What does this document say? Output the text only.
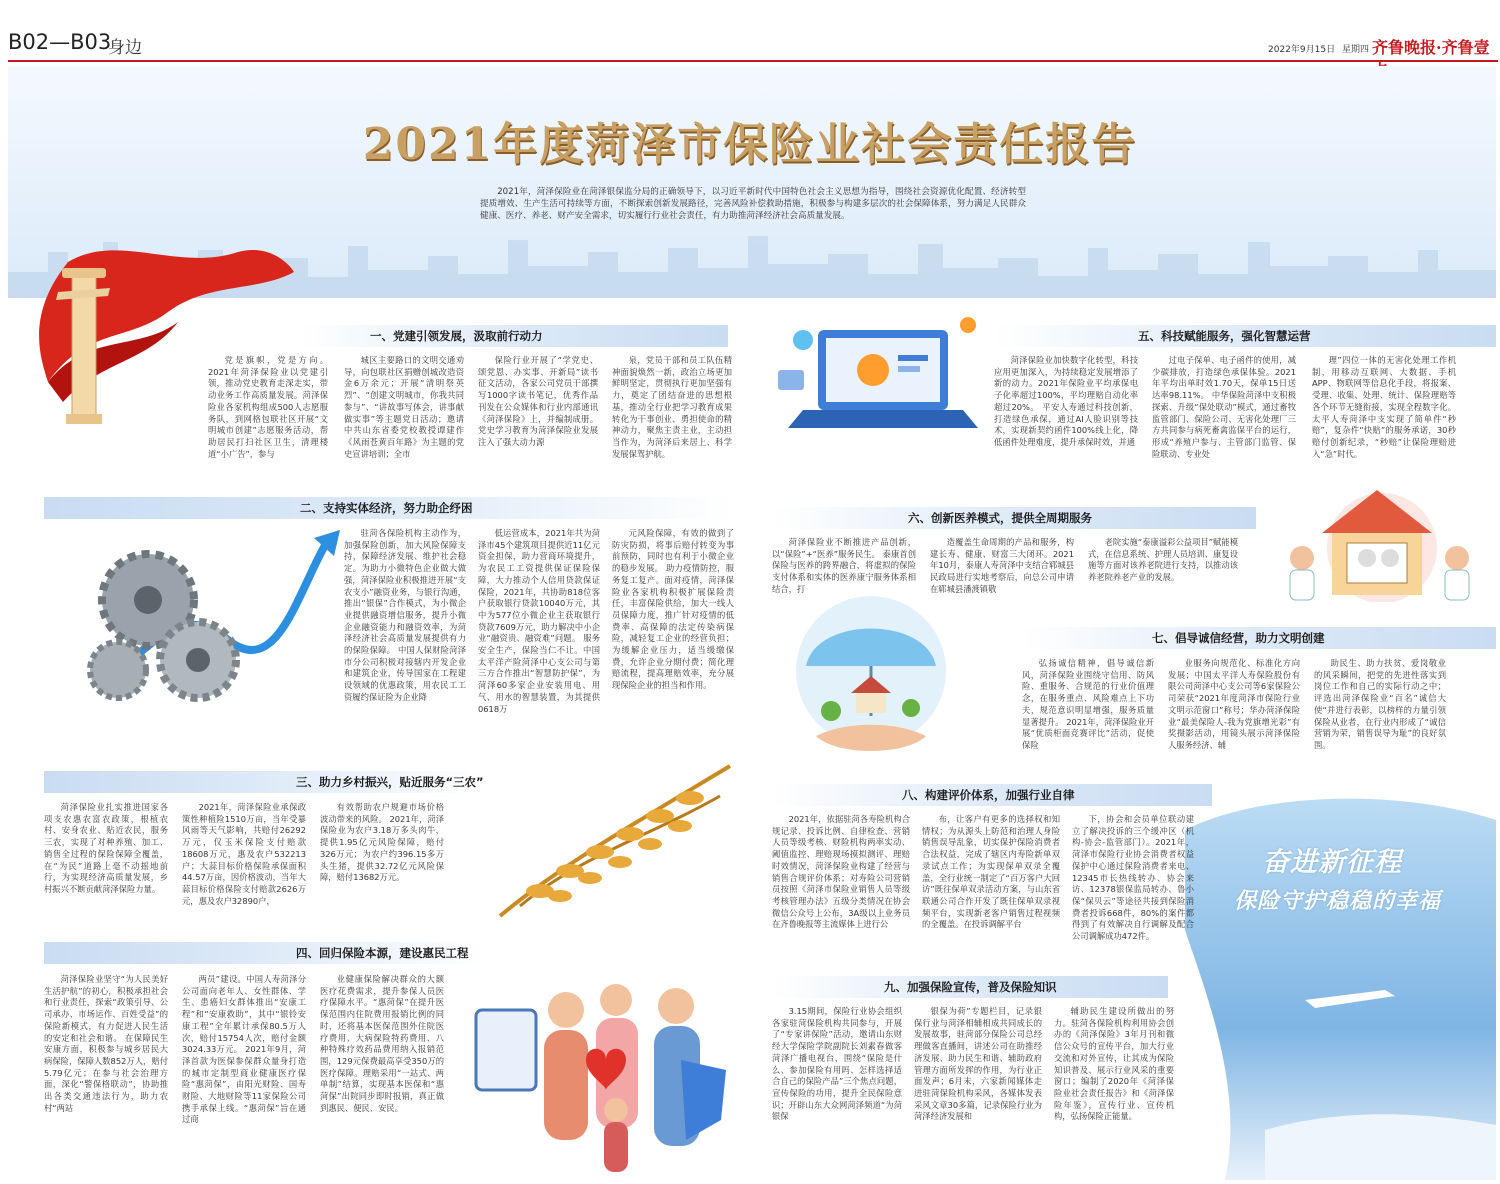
B02—B03
身边	2022年9月15日 星期四 齐鲁晚报·齐鲁壹
2021年度菏泽市保险业社会责任报告
2021年，菏泽保险业在菏泽银保监分局的正确领导下，以习近平新时代中国特色社会主义思想为指导，围绕社会资源优化配置、经济转型提质增效、生产生活可持续等方面，不断探索创新发展路径，完善风险补偿救助措施，积极参与构建多层次的社会保障体系，努力满足人民群众健康、医疗、养老、财产安全需求，切实履行行业社会责任，有力助推菏泽经济社会高质量发展。
奋进新征程
保险守护稳稳的幸福
一、党建引领发展，汲取前行动力
党是旗帜，党是方向。2021年菏泽保险业以党建引领，推动党史教育走深走实，带动业务工作高质量发展。菏泽保险业各家机构组成500人志愿服务队，到网格包联社区开展“文明城市创建”志愿服务活动，帮助居民打扫社区卫生，清理楼道“小广告”，参与
城区主要路口的文明交通劝导，向包联社区捐赠创城改造资金6万余元；开展“清明祭英烈”、“创建文明城市，你我共同参与”、“讲故事写体会，讲事献做实事”等主题党日活动；邀请中共山东省委党校教授谭建作《风雨苍黄百年路》为主题的党史宣讲培训；全市
保险行业开展了“学党史、颂党恩、办实事、开新局”读书征文活动，各家公司党员干部撰写1000字读书笔记，优秀作品刊发在公众媒体和行业内部通讯《菏泽保险》上，并编制成册。 党史学习教育为菏泽保险业发展注入了强大动力源
泉，党员干部和员工队伍精神面貌焕然一新，政治立场更加鲜明坚定，贯彻执行更加坚强有力，奠定了团结奋进的思想根基，推动全行业把学习教育成果转化为干事创业、勇担使命的精神动力，聚焦主责主业，主动担当作为，为菏泽后来居上、科学发展保驾护航。
二、支持实体经济，努力助企纾困
驻菏各保险机构主动作为，加强保险创新，加大风险保障支持，保障经济发展、维护社会稳定。为助力小微特色企业做大做强，菏泽保险业积极推进开展“支农支小”融资业务，与银行沟通，推出“银保”合作模式，为小微企业提供融资增信服务，提升小微企业融资能力和融资效率，为菏泽经济社会高质量发展提供有力的保险保障。 中国人保财险菏泽市分公司积极对接辖内开发企业和建筑企业，传导国家在工程建设领域的优惠政策，用农民工工资履约保证险为企业降
低运营成本，2021年共为菏泽市45个建筑项目提供近11亿元资金担保，助力营商环境提升，为农民工工资提供保证保险保障，大力推动个人信用贷款保证保险，2021年，共协助818位客户获取银行贷款10040万元，其中为577位小微企业主获取银行贷款7609万元，助力解决中小企业“融资贵、融资难”问题。 服务安全生产，保险当仁不让。中国太平洋产险菏泽中心支公司与第三方合作推出“智慧防护保”，为菏泽60多家企业安装用电、用气、用水的智慧装置，为其提供0618万
元风险保障，有效的做到了防灾防损，将事后赔付转变为事前预防，同时也有利于小微企业的稳步发展。 助力疫情防控，服务复工复产。面对疫情，菏泽保险业各家机构积极扩展保险责任，丰富保险供给，加大一线人员保障力度，推广针对疫情的低费率、高保障的法定传染病保险，减轻复工企业的经营负担；为缓解企业压力，适当缓缴保费，允许企业分期付费；简化理赔流程，提高理赔效率，充分展现保险企业的担当和作用。
三、助力乡村振兴，贴近服务“三农”
菏泽保险业扎实推进国家各项支农惠农富农政策，根植农村、安身农业、贴近农民，服务三农，实现了对种养殖、加工、销售全过程的保险保障全覆盖，在“为民”道路上毫不动摇地前行，为实现经济高质量发展，乡村振兴不断贡献菏泽保险力量。
2021年，菏泽保险业承保政策性种植险1510万亩，当年受暴风雨等天气影响，共赔付26292万元，仅玉米保险支付赔款18608万元，惠及农户532213户；大蒜目标价格保险承保面积44.57万亩，因价格波动，当年大蒜目标价格保险支付赔款2626万元，惠及农户32890户，
有效帮助农户规避市场价格波动带来的风险。 2021年，菏泽保险业为农户3.18万多头肉牛，提供1.95亿元风险保障，赔付326万元；为农户约396.15多万头生猪，提供32.72亿元风险保障，赔付13682万元。
四、回归保险本源，建设惠民工程
菏泽保险业坚守“为人民美好生活护航”的初心，积极承担社会和行业责任，探索“政策引导、公司承办、市场运作、百姓受益”的保险新模式，有力促进人民生活的安定和社会和谐。 在保障民生安康方面，积极参与城乡居民大病保险，保障人数852万人，赔付5.79亿元；在参与社会治理方面，深化“警保格联动”，协助推出各类交通违法行为，助力农村“两站
两员”建设。中国人寿菏泽分公司面向老年人、女性群体、学生、患癌妇女群体推出“安康工程”和“安康救助”，其中“银铃安康工程”全年累计承保80.5万人次，赔付15754人次，赔付金额3024.33万元。 2021年9月，菏泽首款为医保参保群众量身打造的城市定制型商业健康医疗保险“惠菏保”，由阳光财险、国寿财险、大地财险等11家保险公司携手承保上线。“惠菏保”旨在通过商
业健康保险解决群众的大额医疗花费需求，提升参保人员医疗保障水平。“惠菏保”在提升医保范围内住院费用报销比例的同时，还将基本医保范围外住院医疗费用、大病保险特药费用、八种特殊疗效药品费用纳入报销范围，129元保费最高享受350万的医疗保障。理赔采用“一站式、两单制”结算，实现基本医保和“惠菏保”出院同步即时报销，真正做到惠民、便民、安民。
五、科技赋能服务，强化智慧运营
菏泽保险业加快数字化转型，科技应用更加深入，为持续稳定发展增添了新的动力。2021年保险业平均承保电子化率超过100%，平均理赔自动化率超过20%。 平安人寿通过科技创新，打造绿色承保，通过AI人脸识别等技术，实现新契约函件100%线上化，降低函件处理难度，提升承保时效，并通
过电子保单、电子函件的使用，减少碳排放，打造绿色承保体验。2021年平均出单时效1.70天，保单15日送达率98.11%。 中华保险菏泽中支积极探索、升级“保处联动”模式，通过畜牧监管部门、保险公司、无害化处理厂三方共同参与病死畜禽监保平台的运行，形成“养殖户参与、主管部门监管、保险联动、专业处
理”四位一体的无害化处理工作机制，用移动互联网、大数据、手机APP、物联网等信息化手段，将报案、受理、收集、处理、统计、保险理赔等各个环节无缝衔接，实现全程数字化。 太平人寿菏泽中支实现了简单件“秒赔”，复杂件“快赔”的服务承诺，30秒赔付创新纪录，“秒赔”让保险理赔进入“急”时代。
六、创新医养模式，提供全周期服务
菏泽保险业不断推进产品创新，以“保险”+“医养”服务民生。 泰康首创保险与医养的跨界融合，将虚拟的保险支付体系和实体的医养康宁服务体系相结合，打
造覆盖生命周期的产品和服务，构建长寿、健康、财富三大闭环。2021年10月，泰康人寿菏泽中支结合郓城县民政局进行实地考察后，向总公司申请在郓城县潘渡镇敬
老院实施“泰康溢彩公益项目”赋能模式，在信息系统、护理人员培训、康复设施等方面对该养老院进行支持，以推动该养老院养老产业的发展。
七、倡导诚信经营，助力文明创建
弘扬诚信精神，倡导诚信新风，菏泽保险业围绕守信用、防风险、重服务、合规范的行业价值理念，在服务重点、风险难点上下功夫，规范意识明显增强，服务质量显著提升。 2021年，菏泽保险业开展“优质柜面竞赛评比”活动，促使保险
业服务向规范化、标准化方向发展；中国太平洋人寿保险股份有限公司菏泽中心支公司等6家保险公司荣获“2021年度菏泽市保险行业文明示范窗口”称号；华办菏泽保险业“最美保险人-我为党旗增光彩”有奖摄影活动，用镜头展示菏泽保险人服务经济、辅
助民生、助力扶贫、爱岗敬业的风采瞬间，把党的先进性落实到岗位工作和自己的实际行动之中；评选出菏泽保险业“百名”诚信大使“并进行表彰，以榜样的力量引领保险从业者，在行业内形成了“诚信营销为荣，销售误导为耻”的良好氛围。
八、构建评价体系，加强行业自律
2021年，依据驻菏各寿险机构合规记录、投诉比例、自律检查、营销人员等级考核、财险机构两率实动、阈值监控、理赔现场摸拟测评、理赔时效情况，菏泽保险业构建了经营与销售合规评价体系；对寿险公司营销员按照《菏泽市保险业销售人员等级考核管理办法》五级分类情况在协会微信公众号上公布，3A级以上业务员在齐鲁晚报等主流媒体上进行公
布，让客户有更多的选择权和知情权；为从源头上防范和治理人身险销售误导乱象，切实保护保险消费者合法权益，完成了辖区内寿险新单双录试点工作；为实现保单双录全覆盖，全行业统一制定了“百万客户大回访”既往保单双录活动方案，与山东省联通公司合作开发了既往保单双录视频平台，实现新老客户销售过程视频的全覆盖。在投诉调解平台
下，协会和会员单位联动建立了解决投诉的三个缓冲区（机构-协会-监管部门）。2021年，菏泽市保险行业协会消费者权益保护中心通过保险消费者来电、12345市长热线转办、协会来访、12378银保监局转办、鲁小保“保贝云”等途径共接到保险消费者投诉668件，80%的案件都得到了有效解决自行调解及配合公司调解成功472件。
九、加强保险宣传，普及保险知识
3.15期间，保险行业协会组织各家驻菏保险机构共同参与，开展了“专家讲保险”活动，邀请山东财经大学保险学院副院长刘素春做客菏泽广播电视台，围绕“保险是什么、参加保险有用吗、怎样选择适合自己的保险产品”三个焦点问题，宣传保险的功用，提升全民保险意识；开辟山东大众网菏泽频道“为菏银保
银保为荷”专题栏目，记录银保行业与菏泽相辅相成共同成长的发展故事，驻菏部分保险公司总经理做客直播间，讲述公司在助推经济发展、助力民生和谐、辅助政府管理方面所发挥的作用，为行业正面发声；6月末，六家新闻媒体走进驻菏保险机构采风，各媒体发表采风文章30多篇，记录保险行业为菏泽经济发展和
辅助民生建设所做出的努力。驻菏各保险机构利用协会创办的《菏泽保险》3年月刊和微信公众号的宣传平台，加大行业交流和对外宣传，让其成为保险知识普及、展示行业风采的重要窗口；编制了2020年《菏泽保险业社会责任报告》和《菏泽保险年鉴》，宣传行业、宣传机构，弘扬保险正能量。
